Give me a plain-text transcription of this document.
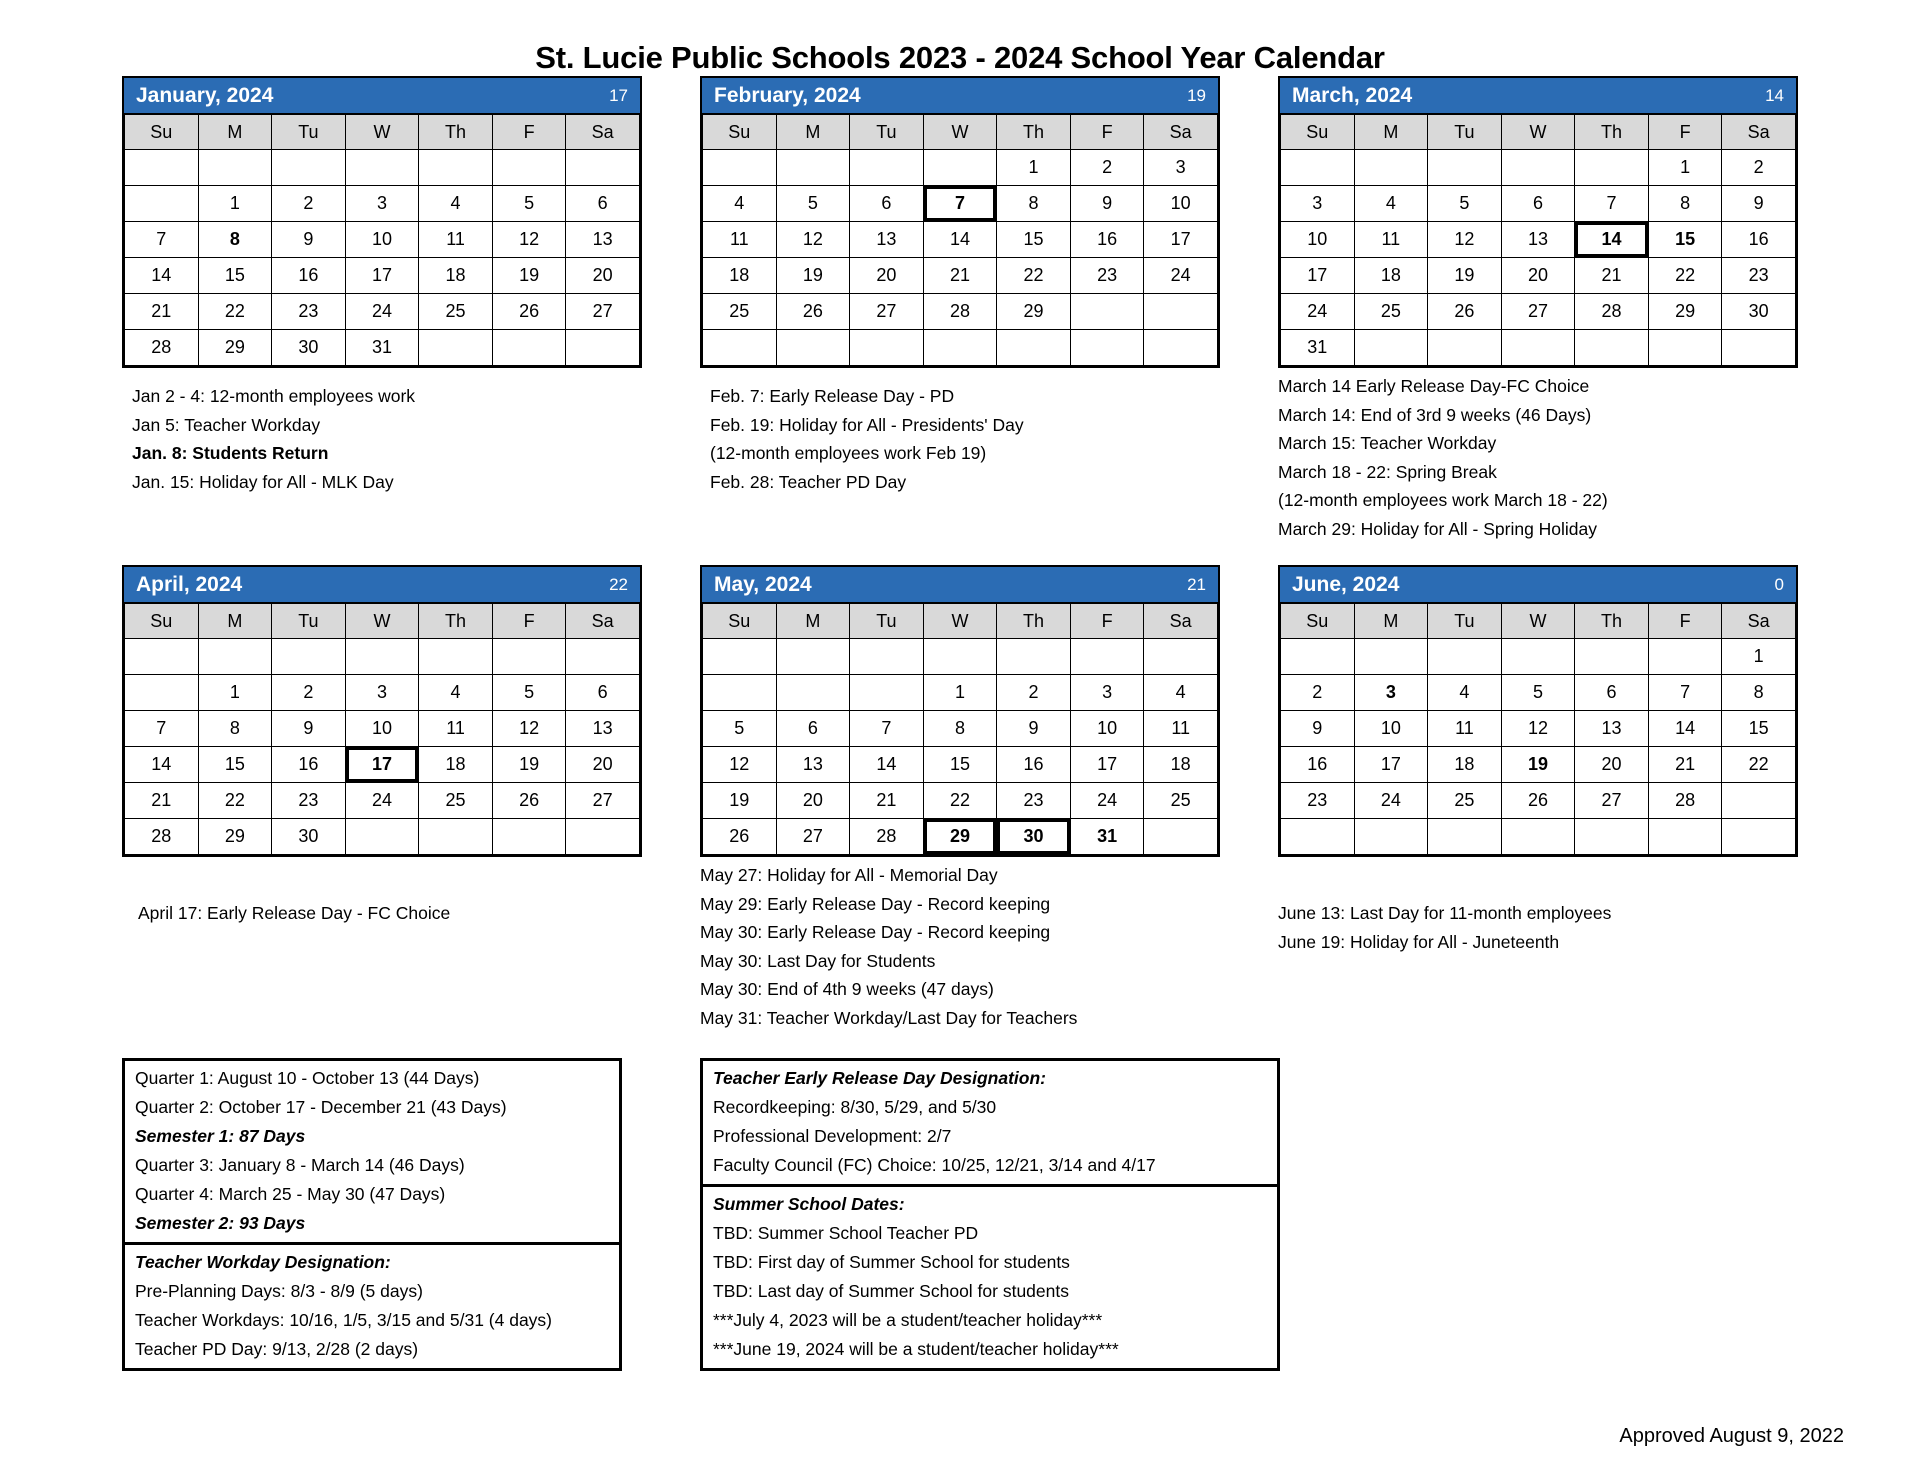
St. Lucie Public Schools 2023 - 2024 School Year Calendar
January, 2024	17
Su	M	Tu	W	Th	F	Sa

	1	2	3	4	5	6
7	8	9	10	11	12	13
14	15	16	17	18	19	20
21	22	23	24	25	26	27
28	29	30	31			
Jan 2 - 4: 12-month employees work
Jan 5: Teacher Workday
Jan. 8: Students Return
Jan. 15: Holiday for All - MLK Day
February, 2024	19
Su	M	Tu	W	Th	F	Sa
				1	2	3
4	5	6	7	8	9	10
11	12	13	14	15	16	17
18	19	20	21	22	23	24
25	26	27	28	29		

Feb. 7: Early Release Day - PD
Feb. 19: Holiday for All - Presidents' Day
(12-month employees work Feb 19)
Feb. 28: Teacher PD Day
March, 2024	14
Su	M	Tu	W	Th	F	Sa
					1	2
3	4	5	6	7	8	9
10	11	12	13	14	15	16
17	18	19	20	21	22	23
24	25	26	27	28	29	30
31						
March 14 Early Release Day-FC Choice
March 14: End of 3rd 9 weeks (46 Days)
March 15: Teacher Workday
March 18 - 22: Spring Break
(12-month employees work March 18 - 22)
March 29: Holiday for All - Spring Holiday
April, 2024	22
Su	M	Tu	W	Th	F	Sa

	1	2	3	4	5	6
7	8	9	10	11	12	13
14	15	16	17	18	19	20
21	22	23	24	25	26	27
28	29	30				
April 17: Early Release Day - FC Choice
May, 2024	21
Su	M	Tu	W	Th	F	Sa

			1	2	3	4
5	6	7	8	9	10	11
12	13	14	15	16	17	18
19	20	21	22	23	24	25
26	27	28	29	30	31	
May 27: Holiday for All - Memorial Day
May 29: Early Release Day - Record keeping
May 30: Early Release Day - Record keeping
May 30: Last Day for Students
May 30: End of 4th 9 weeks (47 days)
May 31: Teacher Workday/Last Day for Teachers
June, 2024	0
Su	M	Tu	W	Th	F	Sa
						1
2	3	4	5	6	7	8
9	10	11	12	13	14	15
16	17	18	19	20	21	22
23	24	25	26	27	28	

June 13: Last Day for 11-month employees
June 19: Holiday for All - Juneteenth
Quarter 1: August 10 - October 13 (44 Days)
Quarter 2: October 17 - December 21 (43 Days)
Semester 1: 87 Days
Quarter 3: January 8 - March 14 (46 Days)
Quarter 4: March 25 - May 30 (47 Days)
Semester 2: 93 Days
Teacher Workday Designation:
Pre-Planning Days: 8/3 - 8/9 (5 days)
Teacher Workdays: 10/16, 1/5, 3/15 and 5/31 (4 days)
Teacher PD Day: 9/13, 2/28 (2 days)
Teacher Early Release Day Designation:
Recordkeeping: 8/30, 5/29, and 5/30
Professional Development: 2/7
Faculty Council (FC) Choice: 10/25, 12/21, 3/14 and 4/17
Summer School Dates:
TBD: Summer School Teacher PD
TBD: First day of Summer School for students
TBD: Last day of Summer School for students
***July 4, 2023 will be a student/teacher holiday***
***June 19, 2024 will be a student/teacher holiday***
Approved August 9, 2022
